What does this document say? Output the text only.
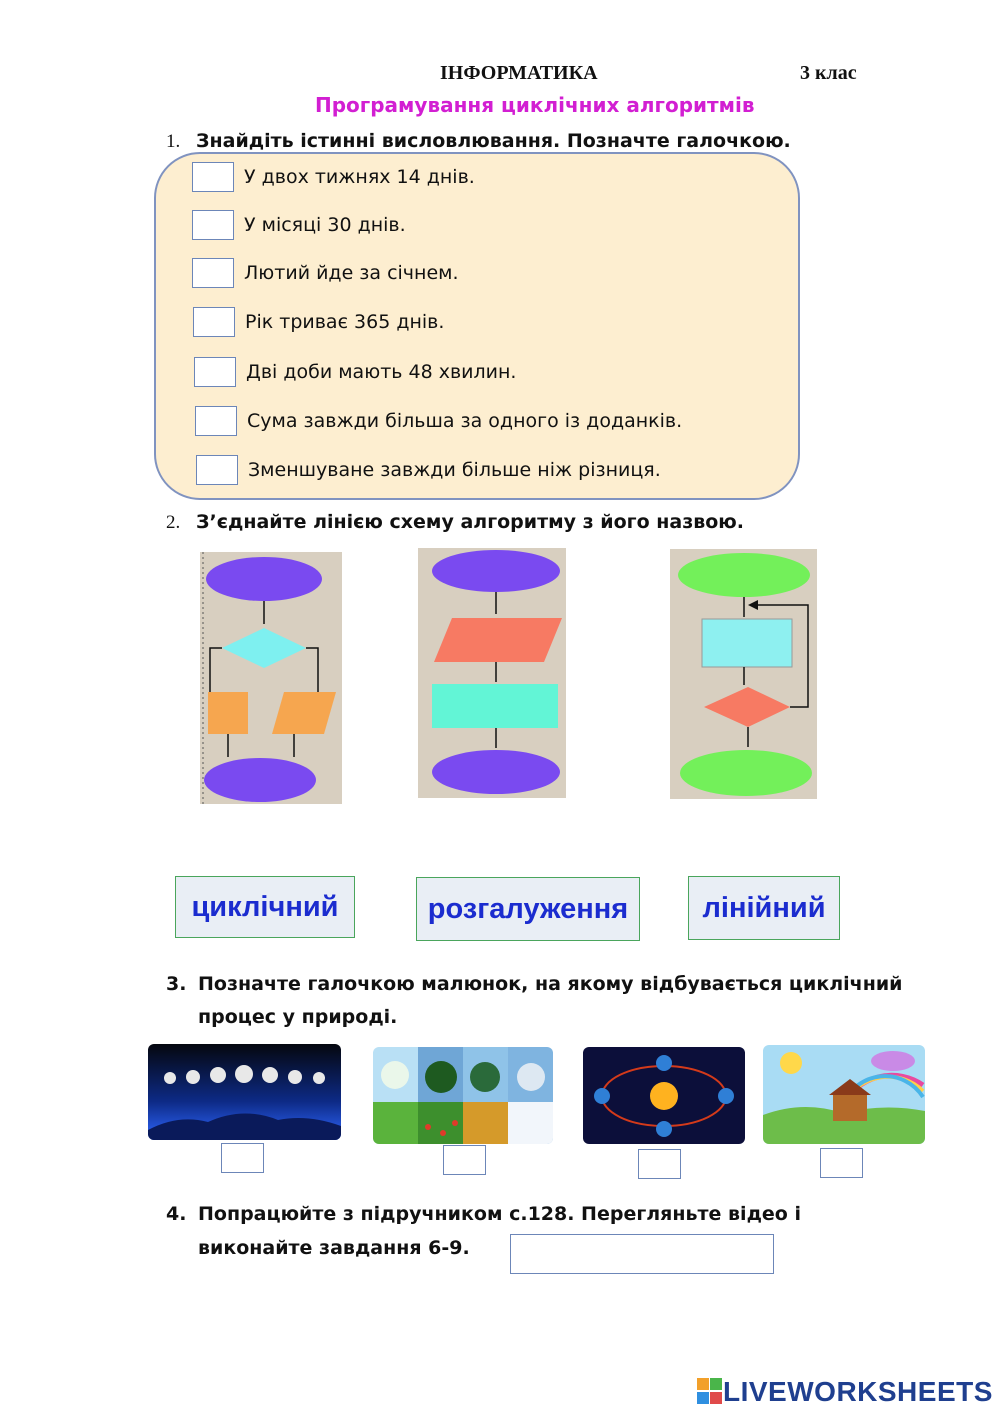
ІНФОРМАТИКА	3 клас
Програмування циклічних алгоритмів
1. Знайдіть істинні висловлювання. Позначте галочкою.
У двох тижнях 14 днів.
У місяці 30 днів.
Лютий йде за січнем.
Рік триває 365 днів.
Дві доби мають 48 хвилин.
Сума завжди більша за одного із доданків.
Зменшуване завжди більше ніж різниця.
2. З’єднайте лінією схему алгоритму з його назвою.
циклічний	розгалуження	лінійний
3. Позначте галочкою малюнок, на якому відбувається циклічний
процес у природі.
4. Попрацюйте з підручником с.128. Перегляньте відео і
виконайте завдання 6-9.
LIVEWORKSHEETS
